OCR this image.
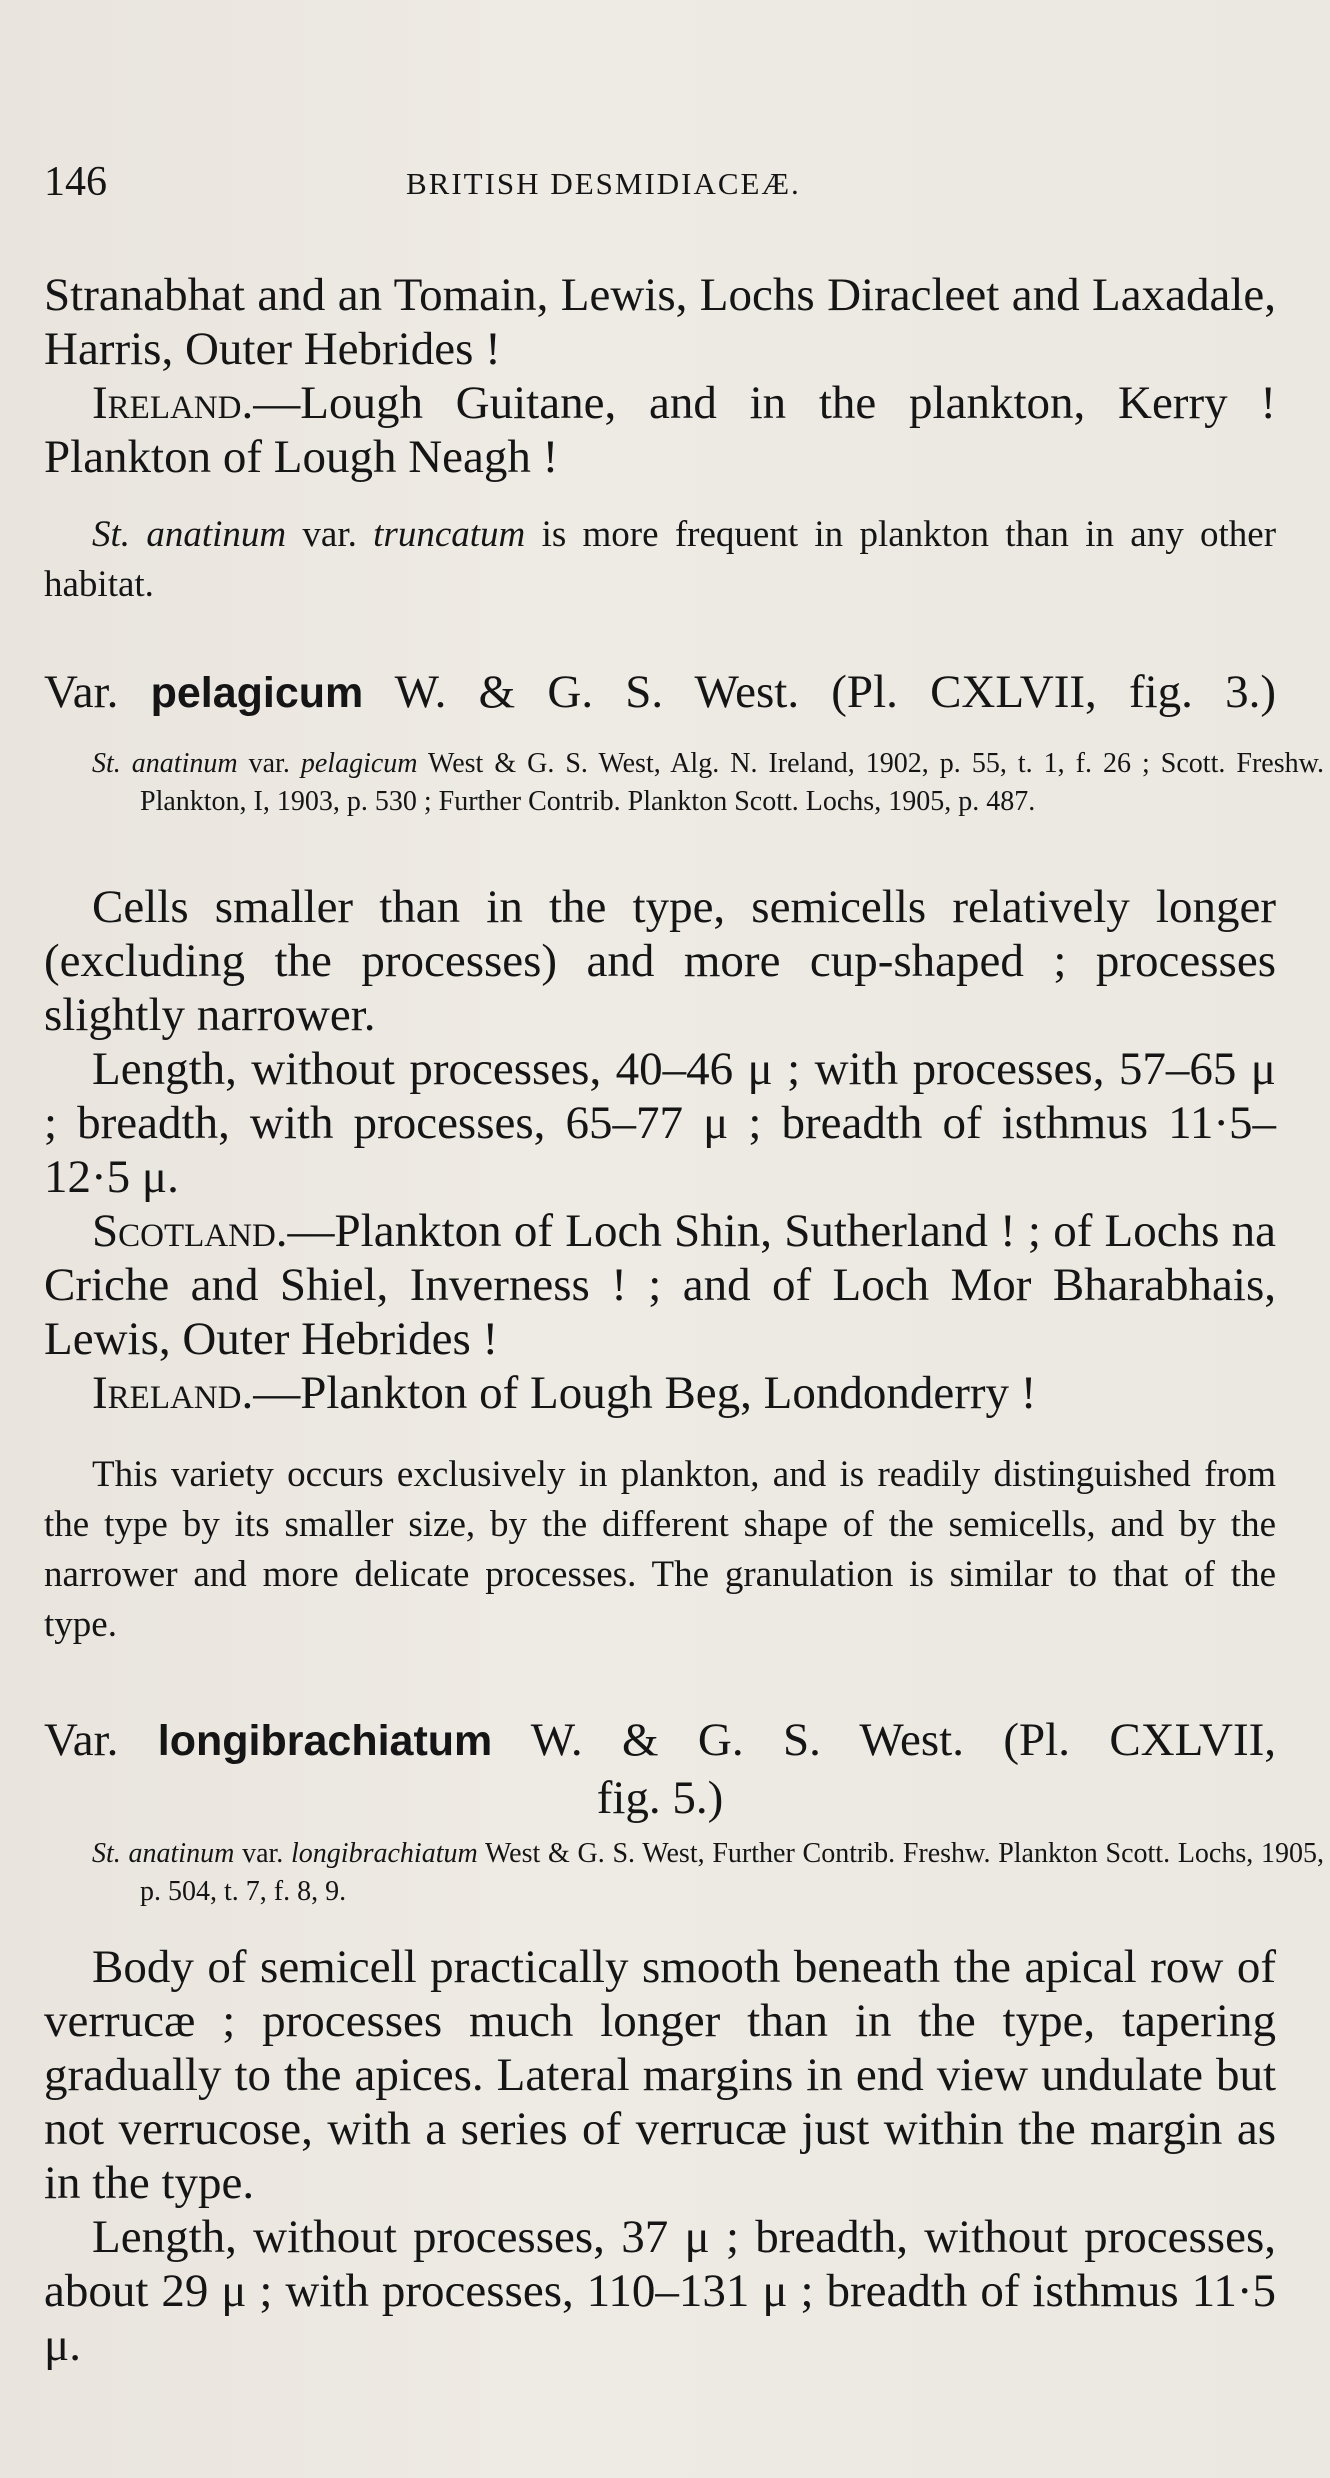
146	BRITISH DESMIDIACEÆ.

Stranabhat and an Tomain, Lewis, Lochs Diracleet and Laxadale, Harris, Outer Hebrides !

Ireland.—Lough Guitane, and in the plankton, Kerry ! Plankton of Lough Neagh !

St. anatinum var. truncatum is more frequent in plankton than in any other habitat.
Var. pelagicum W. & G. S. West. (Pl. CXLVII, fig. 3.)
St. anatinum var. pelagicum West & G. S. West, Alg. N. Ireland, 1902, p. 55, t. 1, f. 26 ; Scott. Freshw. Plankton, I, 1903, p. 530 ; Further Contrib. Plankton Scott. Lochs, 1905, p. 487.

Cells smaller than in the type, semicells relatively longer (excluding the processes) and more cup-shaped ; processes slightly narrower.

Length, without processes, 40–46 μ ; with processes, 57–65 μ ; breadth, with processes, 65–77 μ ; breadth of isthmus 11·5–12·5 μ.

Scotland.—Plankton of Loch Shin, Sutherland ! ; of Lochs na Criche and Shiel, Inverness ! ; and of Loch Mor Bharabhais, Lewis, Outer Hebrides !

Ireland.—Plankton of Lough Beg, Londonderry !

This variety occurs exclusively in plankton, and is readily distinguished from the type by its smaller size, by the different shape of the semicells, and by the narrower and more delicate processes. The granulation is similar to that of the type.
Var. longibrachiatum W. & G. S. West. (Pl. CXLVII,
fig. 5.)
St. anatinum var. longibrachiatum West & G. S. West, Further Contrib. Freshw. Plankton Scott. Lochs, 1905, p. 504, t. 7, f. 8, 9.

Body of semicell practically smooth beneath the apical row of verrucæ ; processes much longer than in the type, tapering gradually to the apices. Lateral margins in end view undulate but not verrucose, with a series of verrucæ just within the margin as in the type.

Length, without processes, 37 μ ; breadth, without processes, about 29 μ ; with processes, 110–131 μ ; breadth of isthmus 11·5 μ.
